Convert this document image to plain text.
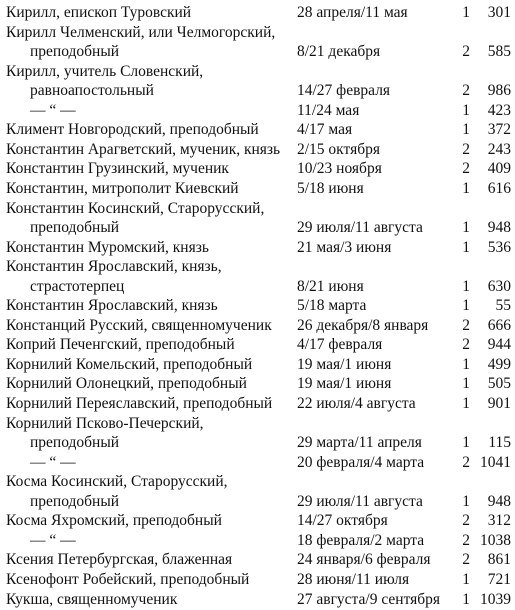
Кирилл, епископ Туровский	28 апреля/11 мая	1	301
Кирилл Челменский, или Челмогорский,
преподобный	8/21 декабря	2	585
Кирилл, учитель Словенский,
равноапостольный	14/27 февраля	2	986
— “ —	11/24 мая	1	423
Климент Новгородский, преподобный 4/17 мая	1	372
Константин Арагветский, мученик, князь 2/15 октября	2	243
Константин Грузинский, мученик	10/23 ноября	2	409
Константин, митрополит Киевский	5/18 июня	1	616
Константин Косинский, Старорусский,
преподобный	29 июля/11 августа	1	948
Константин Муромский, князь	21 мая/3 июня	1	536
Константин Ярославский, князь,
страстотерпец	8/21 июня	1	630
Константин Ярославский, князь	5/18 марта	1	55
Констанций Русский, священномученик 26 декабря/8 января	2	666
Коприй Печенгский, преподобный	4/17 февраля	2	944
Корнилий Комельский, преподобный	19 мая/1 июня	1	499
Корнилий Олонецкий, преподобный	19 мая/1 июня	1	505
Корнилий Переяславский, преподобный 22 июля/4 августа	1	901
Корнилий Псково-Печерский,
преподобный	29 марта/11 апреля	1	115
— “ —	20 февраля/4 марта	2 1041
Косма Косинский, Старорусский,
преподобный	29 июля/11 августа	1	948
Косма Яхромский, преподобный	14/27 октября	2	312
— “ —	18 февраля/2 марта	2 1038
Ксения Петербургская, блаженная	24 января/6 февраля	2	861
Ксенофонт Робейский, преподобный	28 июня/11 июля	1	721
Кукша, священномученик	27 августа/9 сентября	1 1039
